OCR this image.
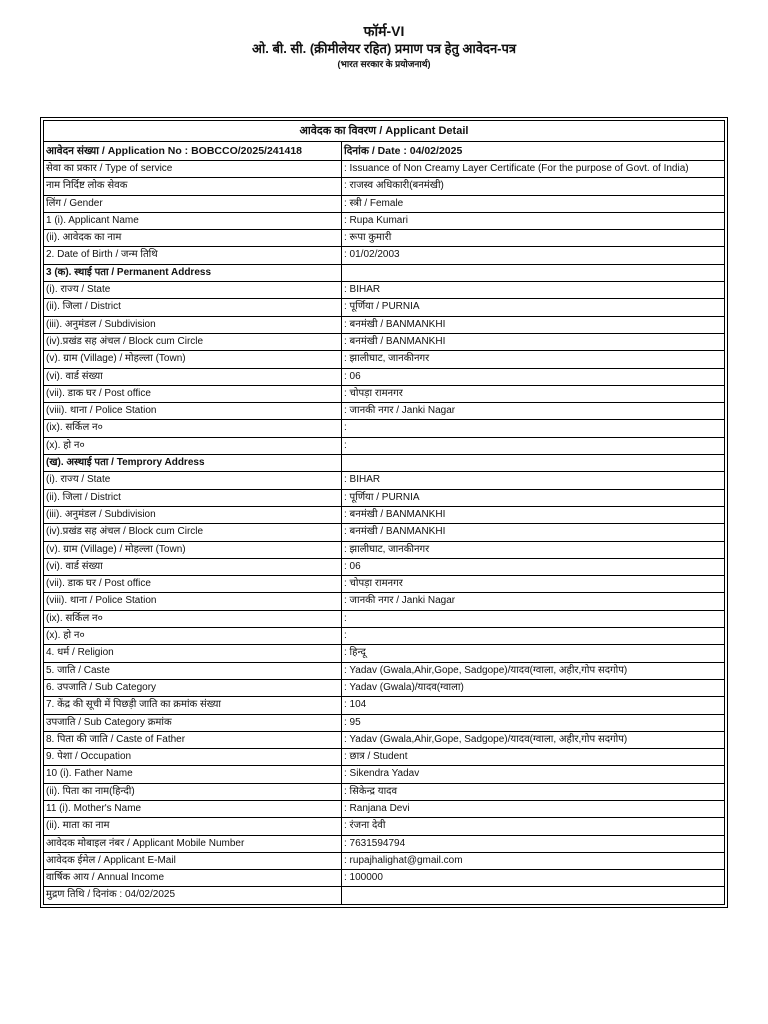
फॉर्म-VI
ओ. बी. सी. (क्रीमीलेयर रहित) प्रमाण पत्र हेतु आवेदन-पत्र
(भारत सरकार के प्रयोजनार्थ)
आवेदक का विवरण / Applicant Detail	
आवेदन संख्या / Application No : BOBCCO/2025/241418	दिनांक / Date : 04/02/2025
सेवा का प्रकार / Type of service	: Issuance of Non Creamy Layer Certificate (For the purpose of Govt. of India)
नाम निर्दिष्ट लोक सेवक	: राजस्व अधिकारी(बनमंखी)
लिंग / Gender	: स्त्री / Female
1 (i). Applicant Name	: Rupa Kumari
(ii). आवेदक का नाम	: रूपा कुमारी
2. Date of Birth / जन्म तिथि	: 01/02/2003
3 (क). स्थाई पता / Permanent Address	
(i). राज्य / State	: BIHAR
(ii). जिला / District	: पूर्णिया / PURNIA
(iii). अनुमंडल / Subdivision	: बनमंखी / BANMANKHI
(iv).प्रखंड सह अंचल / Block cum Circle	: बनमंखी / BANMANKHI
(v). ग्राम (Village) / मोहल्ला (Town)	: झालीघाट, जानकीनगर
(vi). वार्ड संख्या	: 06
(vii). डाक घर / Post office	: चोपड़ा रामनगर
(viii). थाना / Police Station	: जानकी नगर / Janki Nagar
(ix). सर्किल न०	:
(x). हो न०	:
(ख). अस्थाई पता / Temprory Address	
(i). राज्य / State	: BIHAR
(ii). जिला / District	: पूर्णिया / PURNIA
(iii). अनुमंडल / Subdivision	: बनमंखी / BANMANKHI
(iv).प्रखंड सह अंचल / Block cum Circle	: बनमंखी / BANMANKHI
(v). ग्राम (Village) / मोहल्ला (Town)	: झालीघाट, जानकीनगर
(vi). वार्ड संख्या	: 06
(vii). डाक घर / Post office	: चोपड़ा रामनगर
(viii). थाना / Police Station	: जानकी नगर / Janki Nagar
(ix). सर्किल न०	:
(x). हो न०	:
4. धर्म / Religion	: हिन्दू
5. जाति / Caste	: Yadav (Gwala,Ahir,Gope, Sadgope)/यादव(ग्वाला, अहीर,गोप सदगोप)
6. उपजाति / Sub Category	: Yadav (Gwala)/यादव(ग्वाला)
7. केंद्र की सूची में पिछड़ी जाति का क्रमांक संख्या	: 104
उपजाति / Sub Category क्रमांक	: 95
8. पिता की जाति / Caste of Father	: Yadav (Gwala,Ahir,Gope, Sadgope)/यादव(ग्वाला, अहीर,गोप सदगोप)
9. पेशा / Occupation	: छात्र / Student
10 (i). Father Name	: Sikendra Yadav
(ii). पिता का नाम(हिन्दी)	: सिकेन्द्र यादव
11 (i). Mother's Name	: Ranjana Devi
(ii). माता का नाम	: रंजना देवी
आवेदक मोबाइल नंबर / Applicant Mobile Number	: 7631594794
आवेदक ईमेल / Applicant E-Mail	: rupajhalighat@gmail.com
वार्षिक आय / Annual Income	: 100000
मुद्रण तिथि / दिनांक : 04/02/2025	
